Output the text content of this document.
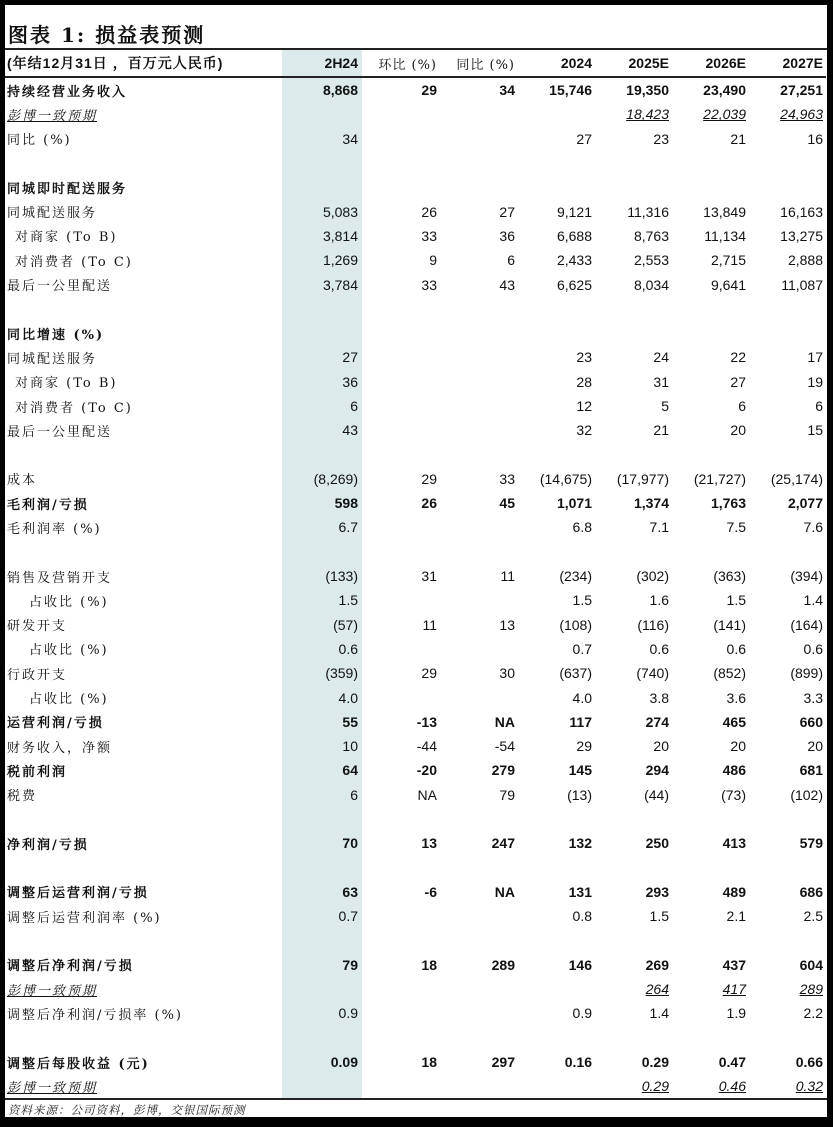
图表 1: 损益表预测
(年结12月31日 ，百万元人民币)	2H24	环比 (%)	同比 (%)	2024	2025E	2026E	2027E
持续经营业务收入	8,868	29	34	15,746	19,350	23,490	27,251
彭博一致预期					18,423	22,039	24,963
同比 (%)	34			27	23	21	16

同城即时配送服务							
同城配送服务	5,083	26	27	9,121	11,316	13,849	16,163
对商家 (To B)	3,814	33	36	6,688	8,763	11,134	13,275
对消费者 (To C)	1,269	9	6	2,433	2,553	2,715	2,888
最后一公里配送	3,784	33	43	6,625	8,034	9,641	11,087

同比增速 (%)							
同城配送服务	27			23	24	22	17
对商家 (To B)	36			28	31	27	19
对消费者 (To C)	6			12	5	6	6
最后一公里配送	43			32	21	20	15

成本	(8,269)	29	33	(14,675)	(17,977)	(21,727)	(25,174)
毛利润/亏损	598	26	45	1,071	1,374	1,763	2,077
毛利润率 (%)	6.7			6.8	7.1	7.5	7.6

销售及营销开支	(133)	31	11	(234)	(302)	(363)	(394)
占收比 (%)	1.5			1.5	1.6	1.5	1.4
研发开支	(57)	11	13	(108)	(116)	(141)	(164)
占收比 (%)	0.6			0.7	0.6	0.6	0.6
行政开支	(359)	29	30	(637)	(740)	(852)	(899)
占收比 (%)	4.0			4.0	3.8	3.6	3.3
运营利润/亏损	55	-13	NA	117	274	465	660
财务收入，净额	10	-44	-54	29	20	20	20
税前利润	64	-20	279	145	294	486	681
税费	6	NA	79	(13)	(44)	(73)	(102)

净利润/亏损	70	13	247	132	250	413	579

调整后运营利润/亏损	63	-6	NA	131	293	489	686
调整后运营利润率 (%)	0.7			0.8	1.5	2.1	2.5

调整后净利润/亏损	79	18	289	146	269	437	604
彭博一致预期					264	417	289
调整后净利润/亏损率 (%)	0.9			0.9	1.4	1.9	2.2

调整后每股收益 (元)	0.09	18	297	0.16	0.29	0.47	0.66
彭博一致预期					0.29	0.46	0.32
资料来源：公司资料，彭博，交银国际预测
